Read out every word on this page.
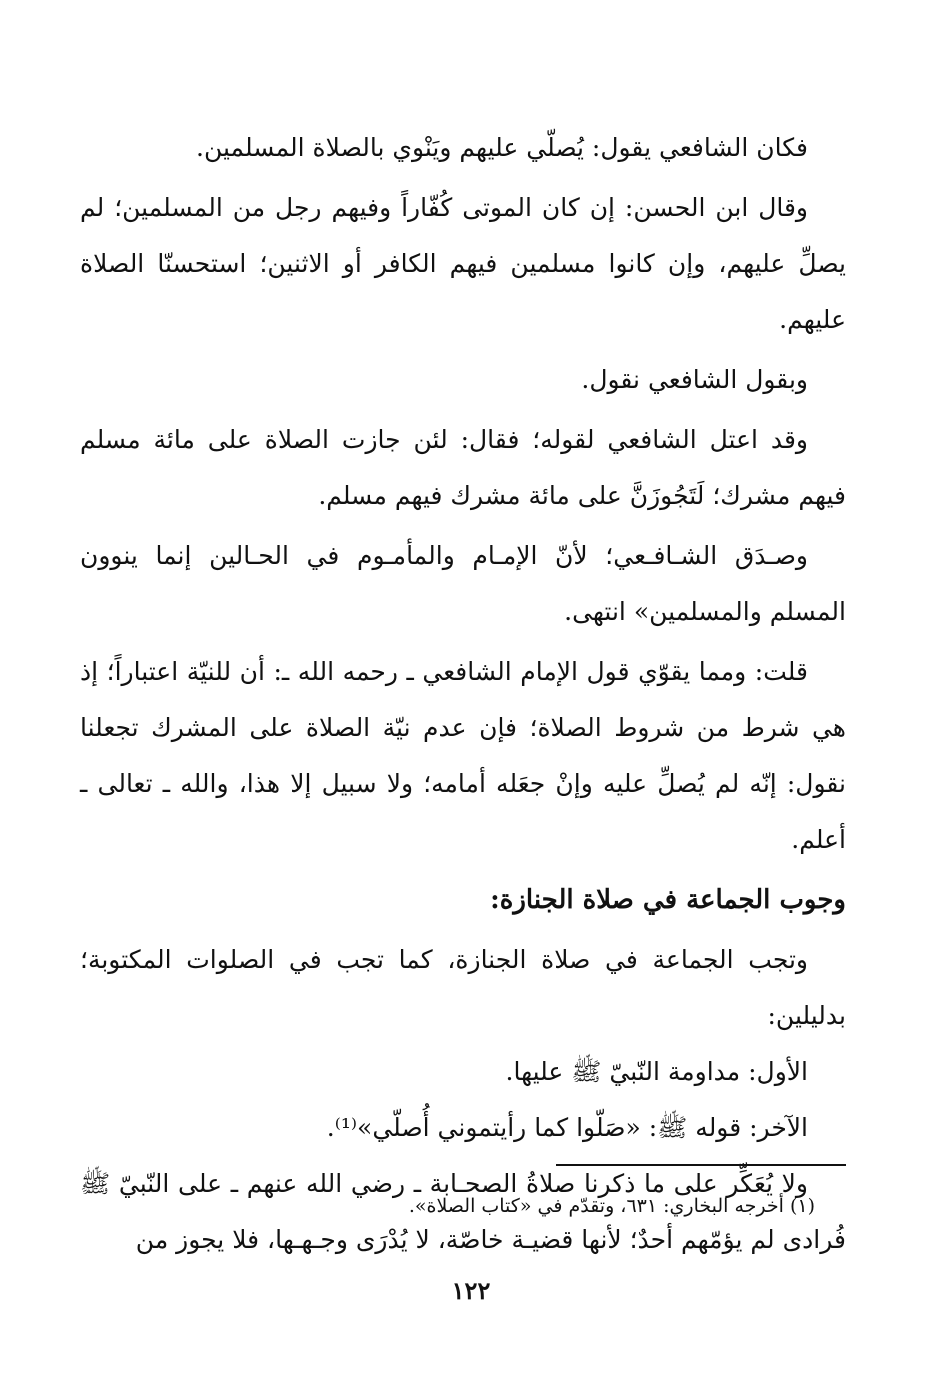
فكان الشافعي يقول: يُصلّي عليهم ويَنْوي بالصلاة المسلمين.

وقال ابن الحسن: إن كان الموتى كُفّاراً وفيهم رجل من المسلمين؛ لم يصلِّ عليهم، وإن كانوا مسلمين فيهم الكافر أو الاثنين؛ استحسنّا الصلاة عليهم.

وبقول الشافعي نقول.

وقد اعتل الشافعي لقوله؛ فقال: لئن جازت الصلاة على مائة مسلم فيهم مشرك؛ لَتَجُوزَنَّ على مائة مشرك فيهم مسلم.

وصـدَق الشـافـعي؛ لأنّ الإمـام والمأمـوم في الحـالين إنما ينوون المسلم والمسلمين» انتهى.

قلت: ومما يقوّي قول الإمام الشافعي ـ رحمه الله ـ: أن للنيّة اعتباراً؛ إذ هي شرط من شروط الصلاة؛ فإن عدم نيّة الصلاة على المشرك تجعلنا نقول: إنّه لم يُصلِّ عليه وإنْ جعَله أمامه؛ ولا سبيل إلا هذا، والله ـ تعالى ـ أعلم.

وجوب الجماعة في صلاة الجنازة:

وتجب الجماعة في صلاة الجنازة، كما تجب في الصلوات المكتوبة؛ بدليلين:

الأول: مداومة النّبيّ ﷺ عليها.

الآخر: قوله ﷺ: «صَلّوا كما رأيتموني أُصلّي»⁽¹⁾.

ولا يُعَكِّر على ما ذكرنا صلاةُ الصحـابة ـ رضي الله عنهم ـ على النّبيّ ﷺ فُرادى لم يؤمّهم أحدٌ؛ لأنها قضيـة خاصّة، لا يُدْرَى وجـهـها، فلا يجوز من

(١) أخرجه البخاري: ٦٣١، وتقدّم في «كتاب الصلاة».

١٢٢
